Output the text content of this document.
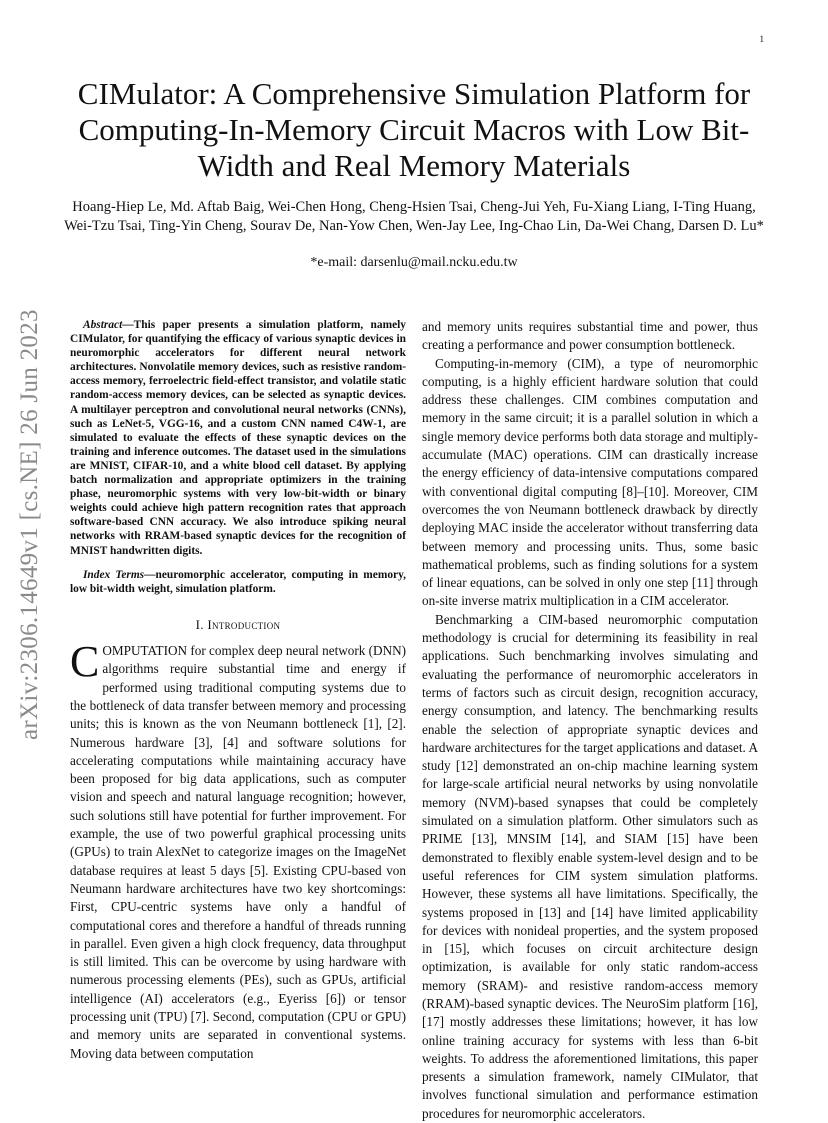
1
arXiv:2306.14649v1 [cs.NE] 26 Jun 2023
CIMulator: A Comprehensive Simulation Platform for Computing-In-Memory Circuit Macros with Low Bit-Width and Real Memory Materials

Hoang-Hiep Le, Md. Aftab Baig, Wei-Chen Hong, Cheng-Hsien Tsai, Cheng-Jui Yeh, Fu-Xiang Liang, I-Ting Huang, Wei-Tzu Tsai, Ting-Yin Cheng, Sourav De, Nan-Yow Chen, Wen-Jay Lee, Ing-Chao Lin, Da-Wei Chang, Darsen D. Lu*

*e-mail: darsenlu@mail.ncku.edu.tw

Abstract—This paper presents a simulation platform, namely CIMulator, for quantifying the efficacy of various synaptic devices in neuromorphic accelerators for different neural network architectures. Nonvolatile memory devices, such as resistive random-access memory, ferroelectric field-effect transistor, and volatile static random-access memory devices, can be selected as synaptic devices. A multilayer perceptron and convolutional neural networks (CNNs), such as LeNet-5, VGG-16, and a custom CNN named C4W-1, are simulated to evaluate the effects of these synaptic devices on the training and inference outcomes. The dataset used in the simulations are MNIST, CIFAR-10, and a white blood cell dataset. By applying batch normalization and appropriate optimizers in the training phase, neuromorphic systems with very low-bit-width or binary weights could achieve high pattern recognition rates that approach software-based CNN accuracy. We also introduce spiking neural networks with RRAM-based synaptic devices for the recognition of MNIST handwritten digits.

Index Terms—neuromorphic accelerator, computing in memory, low bit-width weight, simulation platform.

I. Introduction

COMPUTATION for complex deep neural network (DNN) algorithms require substantial time and energy if performed using traditional computing systems due to the bottleneck of data transfer between memory and processing units; this is known as the von Neumann bottleneck [1], [2]. Numerous hardware [3], [4] and software solutions for accelerating computations while maintaining accuracy have been proposed for big data applications, such as computer vision and speech and natural language recognition; however, such solutions still have potential for further improvement. For example, the use of two powerful graphical processing units (GPUs) to train AlexNet to categorize images on the ImageNet database requires at least 5 days [5]. Existing CPU-based von Neumann hardware architectures have two key shortcomings: First, CPU-centric systems have only a handful of computational cores and therefore a handful of threads running in parallel. Even given a high clock frequency, data throughput is still limited. This can be overcome by using hardware with numerous processing elements (PEs), such as GPUs, artificial intelligence (AI) accelerators (e.g., Eyeriss [6]) or tensor processing unit (TPU) [7]. Second, computation (CPU or GPU) and memory units are separated in conventional systems. Moving data between computation

and memory units requires substantial time and power, thus creating a performance and power consumption bottleneck.

Computing-in-memory (CIM), a type of neuromorphic computing, is a highly efficient hardware solution that could address these challenges. CIM combines computation and memory in the same circuit; it is a parallel solution in which a single memory device performs both data storage and multiply-accumulate (MAC) operations. CIM can drastically increase the energy efficiency of data-intensive computations compared with conventional digital computing [8]–[10]. Moreover, CIM overcomes the von Neumann bottleneck drawback by directly deploying MAC inside the accelerator without transferring data between memory and processing units. Thus, some basic mathematical problems, such as finding solutions for a system of linear equations, can be solved in only one step [11] through on-site inverse matrix multiplication in a CIM accelerator.

Benchmarking a CIM-based neuromorphic computation methodology is crucial for determining its feasibility in real applications. Such benchmarking involves simulating and evaluating the performance of neuromorphic accelerators in terms of factors such as circuit design, recognition accuracy, energy consumption, and latency. The benchmarking results enable the selection of appropriate synaptic devices and hardware architectures for the target applications and dataset. A study [12] demonstrated an on-chip machine learning system for large-scale artificial neural networks by using nonvolatile memory (NVM)-based synapses that could be completely simulated on a simulation platform. Other simulators such as PRIME [13], MNSIM [14], and SIAM [15] have been demonstrated to flexibly enable system-level design and to be useful references for CIM system simulation platforms. However, these systems all have limitations. Specifically, the systems proposed in [13] and [14] have limited applicability for devices with nonideal properties, and the system proposed in [15], which focuses on circuit architecture design optimization, is available for only static random-access memory (SRAM)- and resistive random-access memory (RRAM)-based synaptic devices. The NeuroSim platform [16], [17] mostly addresses these limitations; however, it has low online training accuracy for systems with less than 6-bit weights. To address the aforementioned limitations, this paper presents a simulation framework, namely CIMulator, that involves functional simulation and performance estimation procedures for neuromorphic accelerators.
